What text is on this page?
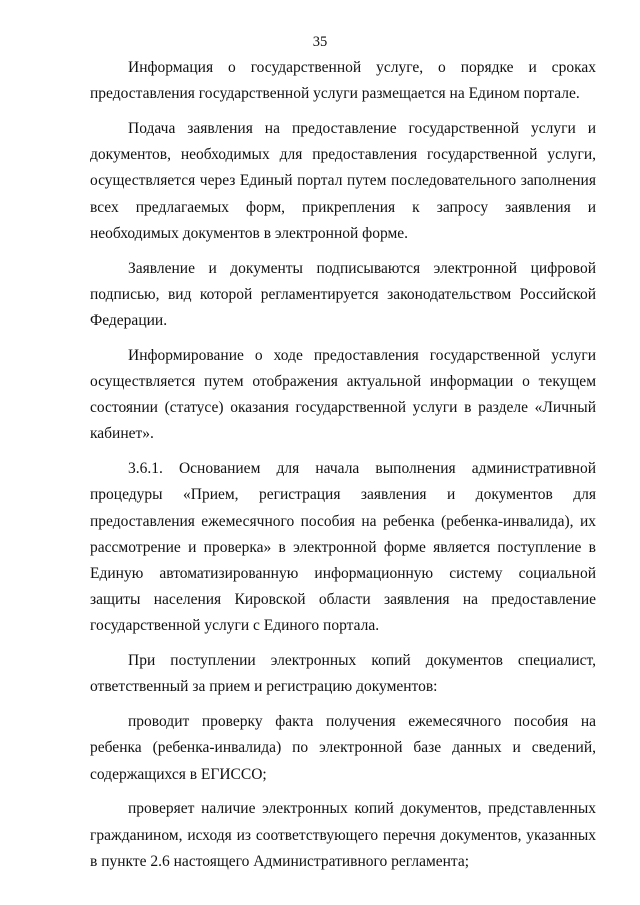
35

Информация о государственной услуге, о порядке и сроках предоставления государственной услуги размещается на Едином портале.

Подача заявления на предоставление государственной услуги и документов, необходимых для предоставления государственной услуги, осуществляется через Единый портал путем последовательного заполнения всех предлагаемых форм, прикрепления к запросу заявления и необходимых документов в электронной форме.

Заявление и документы подписываются электронной цифровой подписью, вид которой регламентируется законодательством Российской Федерации.

Информирование о ходе предоставления государственной услуги осуществляется путем отображения актуальной информации о текущем состоянии (статусе) оказания государственной услуги в разделе «Личный кабинет».

3.6.1. Основанием для начала выполнения административной процедуры «Прием, регистрация заявления и документов для предоставления ежемесячного пособия на ребенка (ребенка-инвалида), их рассмотрение и проверка» в электронной форме является поступление в Единую автоматизированную информационную систему социальной защиты населения Кировской области заявления на предоставление государственной услуги с Единого портала.

При поступлении электронных копий документов специалист, ответственный за прием и регистрацию документов:

проводит проверку факта получения ежемесячного пособия на ребенка (ребенка-инвалида) по электронной базе данных и сведений, содержащихся в ЕГИССО;

проверяет наличие электронных копий документов, представленных гражданином, исходя из соответствующего перечня документов, указанных в пункте 2.6 настоящего Административного регламента;
